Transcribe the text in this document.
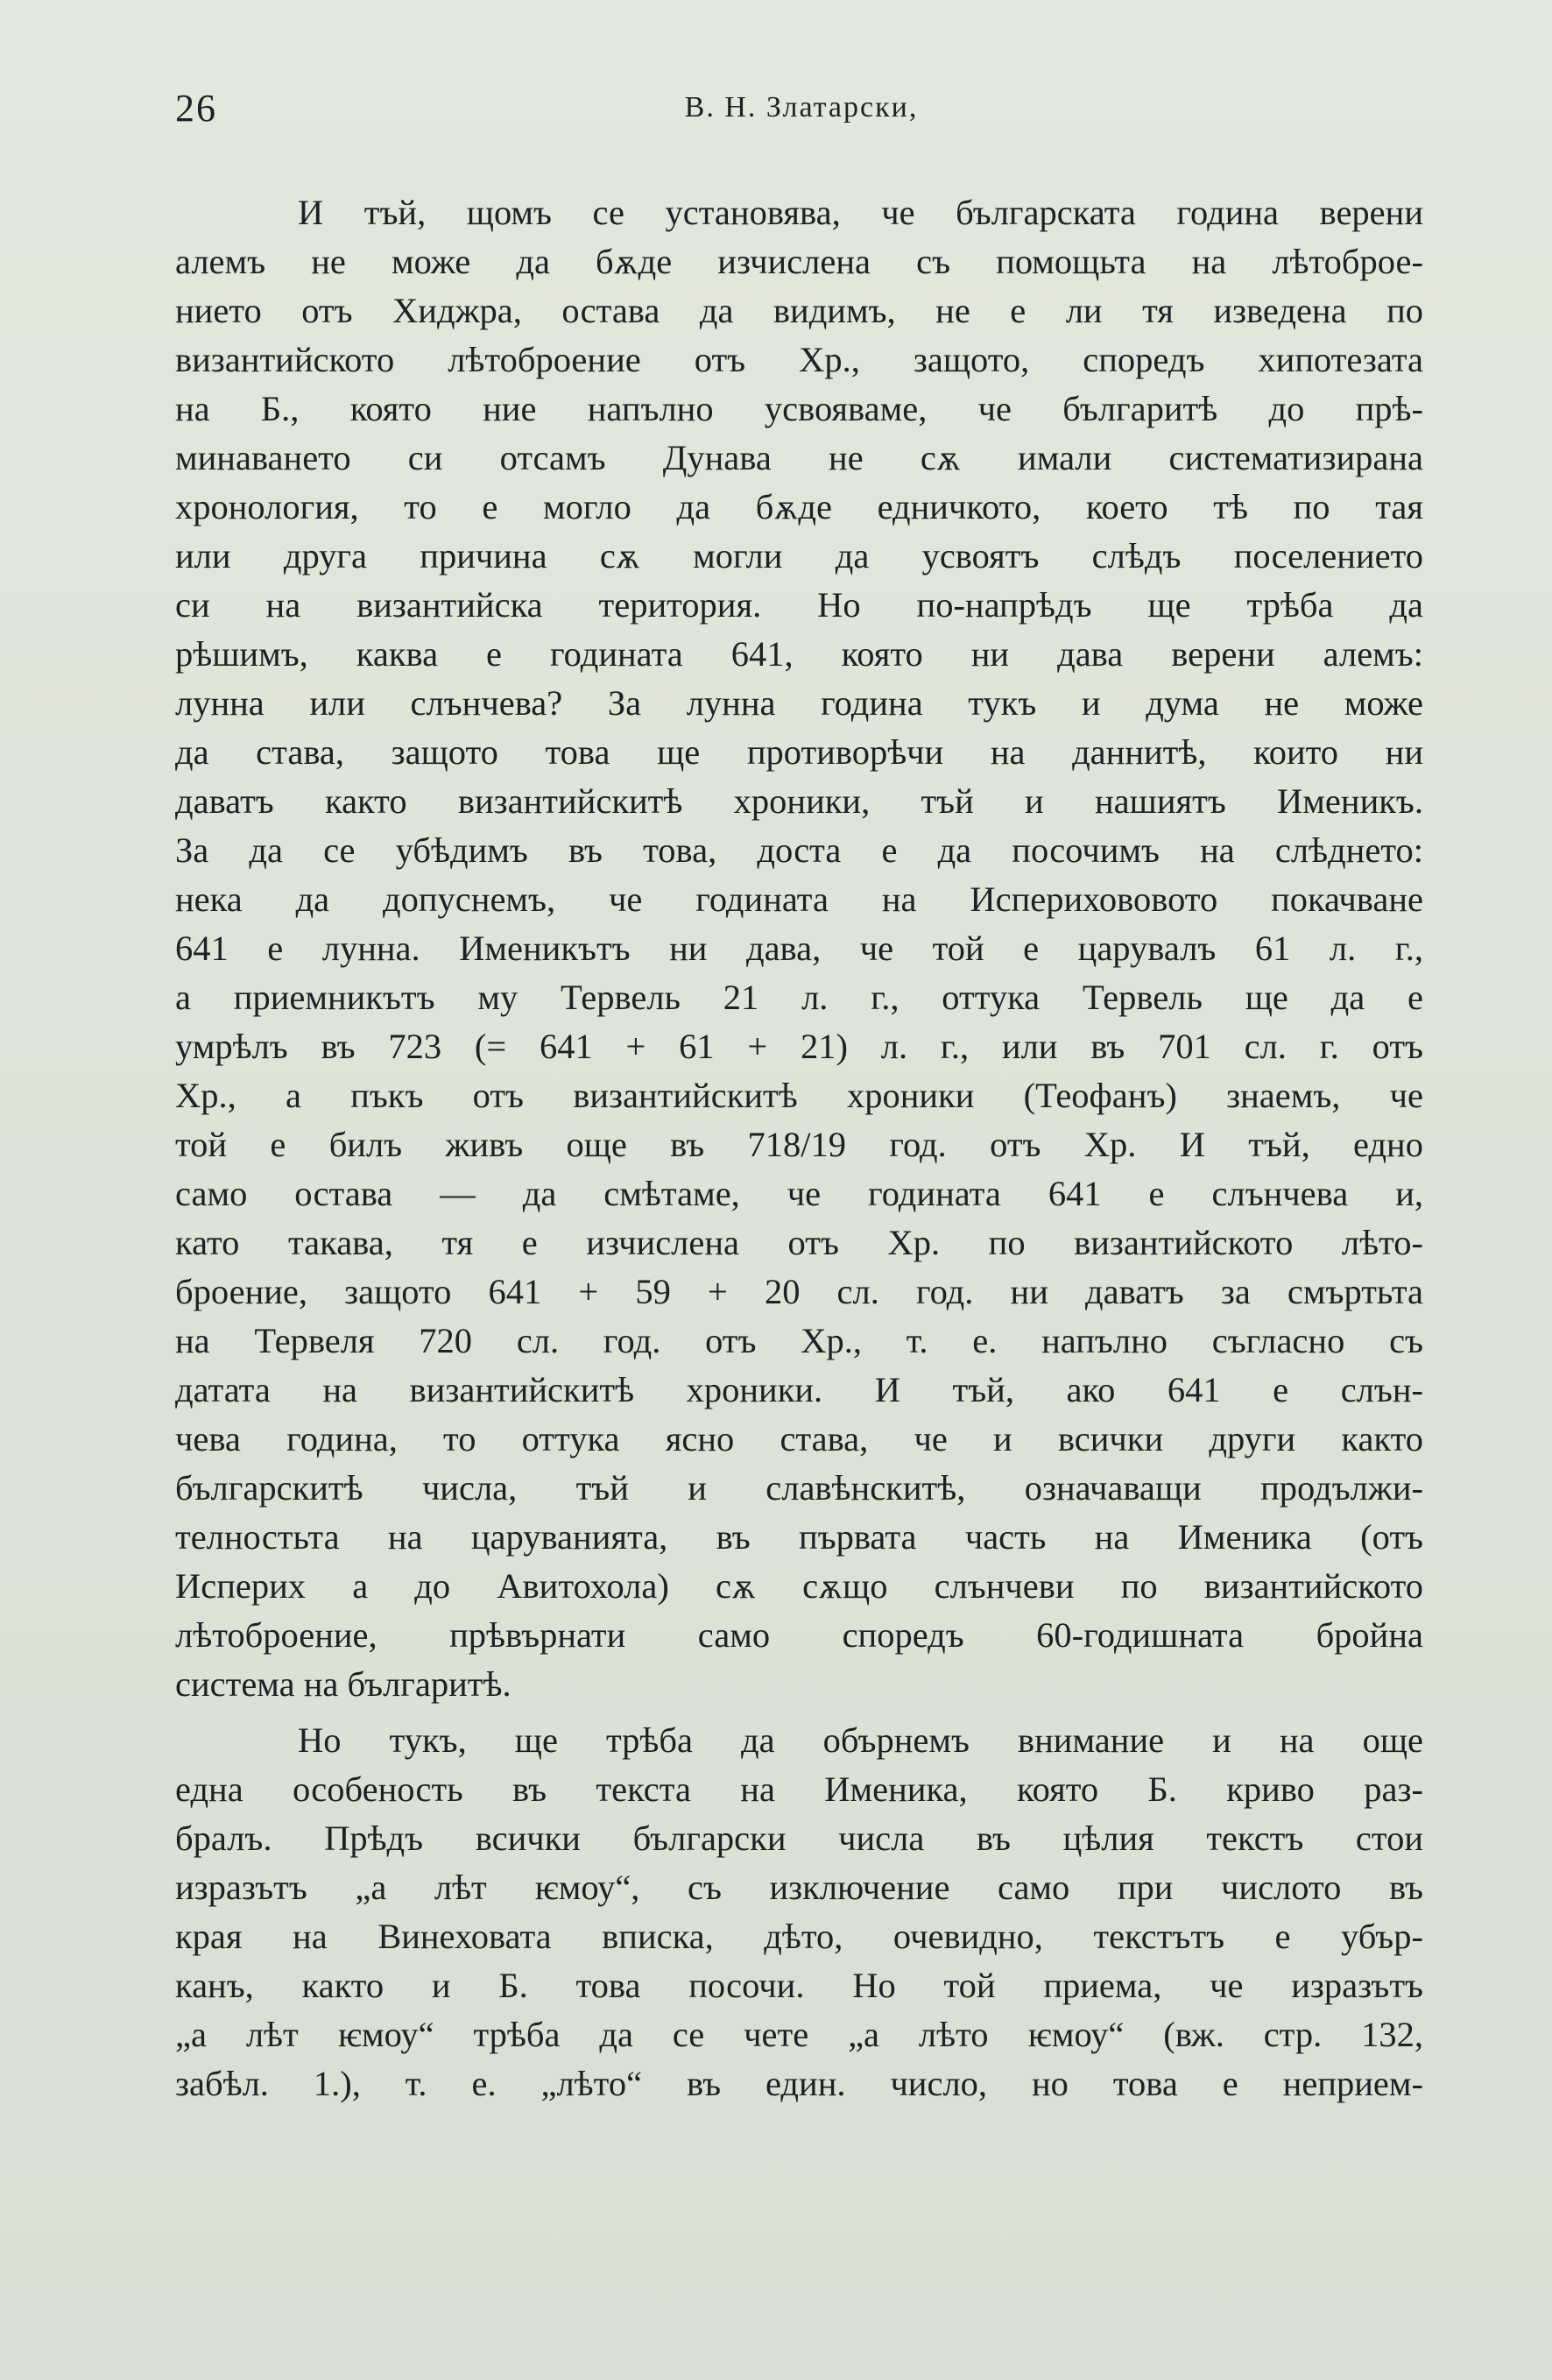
26	В. Н. Златарски,
И тъй, щомъ се установява, че българската година верени
алемъ не може да бѫде изчислена съ помощьта на лѣтоброе-
нието отъ Хиджра, остава да видимъ, не е ли тя изведена по
византийското лѣтоброение отъ Хр., защото, споредъ хипотезата
на Б., която ние напълно усвояваме, че българитѣ до прѣ-
минаването си отсамъ Дунава не сѫ имали систематизирана
хронология, то е могло да бѫде едничкото, което тѣ по тая
или друга причина сѫ могли да усвоятъ слѣдъ поселението
си на византийска територия. Но по-напрѣдъ ще трѣба да
рѣшимъ, каква е годината 641, която ни дава верени алемъ:
лунна или слънчева? За лунна година тукъ и дума не може
да става, защото това ще противорѣчи на даннитѣ, които ни
даватъ както византийскитѣ хроники, тъй и нашиятъ Именикъ.
За да се убѣдимъ въ това, доста е да посочимъ на слѣднето:
нека да допуснемъ, че годината на Исперихововото покачване
641 е лунна. Именикътъ ни дава, че той е царувалъ 61 л. г.,
а приемникътъ му Тервель 21 л. г., оттука Тервель ще да е
умрѣлъ въ 723 (= 641 + 61 + 21) л. г., или въ 701 сл. г. отъ
Хр., а пъкъ отъ византийскитѣ хроники (Теофанъ) знаемъ, че
той е билъ живъ още въ 718/19 год. отъ Хр. И тъй, едно
само остава — да смѣтаме, че годината 641 е слънчева и,
като такава, тя е изчислена отъ Хр. по византийското лѣто-
броение, защото 641 + 59 + 20 сл. год. ни даватъ за смъртьта
на Тервеля 720 сл. год. отъ Хр., т. е. напълно съгласно съ
датата на византийскитѣ хроники. И тъй, ако 641 е слън-
чева година, то оттука ясно става, че и всички други както
българскитѣ числа, тъй и славѣнскитѣ, означаващи продължи-
телностьта на царуванията, въ първата часть на Именика (отъ
Исперих а до Авитохола) сѫ сѫщо слънчеви по византийското
лѣтоброение, прѣвърнати само споредъ 60-годишната бройна
система на българитѣ.
Но тукъ, ще трѣба да обърнемъ внимание и на още
една особеность въ текста на Именика, която Б. криво раз-
бралъ. Прѣдъ всички български числа въ цѣлия текстъ стои
изразътъ „а лѣт ѥмоу“, съ изключение само при числото въ
края на Винеховата вписка, дѣто, очевидно, текстътъ е убър-
канъ, както и Б. това посочи. Но той приема, че изразътъ
„а лѣт ѥмоу“ трѣба да се чете „а лѣто ѥмоу“ (вж. стр. 132,
забѣл. 1.), т. е. „лѣто“ въ един. число, но това е неприем-
